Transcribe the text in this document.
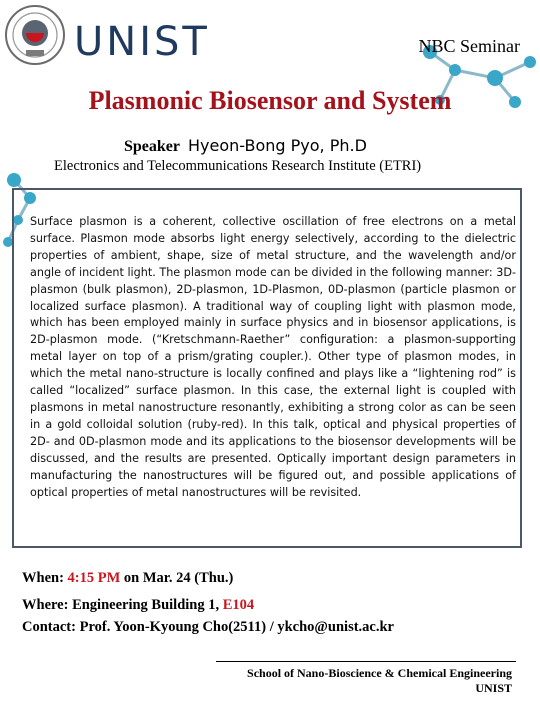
UNIST	NBC Seminar
Plasmonic Biosensor and System
Speaker Hyeon-Bong Pyo, Ph.D
Electronics and Telecommunications Research Institute (ETRI)
Surface plasmon is a coherent, collective oscillation of free electrons on a metal surface. Plasmon mode absorbs light energy selectively, according to the dielectric properties of ambient, shape, size of metal structure, and the wavelength and/or angle of incident light. The plasmon mode can be divided in the following manner: 3D-plasmon (bulk plasmon), 2D-plasmon, 1D-Plasmon, 0D-plasmon (particle plasmon or localized surface plasmon). A traditional way of coupling light with plasmon mode, which has been employed mainly in surface physics and in biosensor applications, is 2D-plasmon mode. (“Kretschmann-Raether” configuration: a plasmon-supporting metal layer on top of a prism/grating coupler.). Other type of plasmon modes, in which the metal nano-structure is locally confined and plays like a “lightening rod” is called “localized” surface plasmon. In this case, the external light is coupled with plasmons in metal nanostructure resonantly, exhibiting a strong color as can be seen in a gold colloidal solution (ruby-red). In this talk, optical and physical properties of 2D- and 0D-plasmon mode and its applications to the biosensor developments will be discussed, and the results are presented. Optically important design parameters in manufacturing the nanostructures will be figured out, and possible applications of optical properties of metal nanostructures will be revisited.
When: 4:15 PM on Mar. 24 (Thu.)
Where: Engineering Building 1, E104
Contact: Prof. Yoon-Kyoung Cho(2511) / ykcho@unist.ac.kr
School of Nano-Bioscience & Chemical Engineering
UNIST
